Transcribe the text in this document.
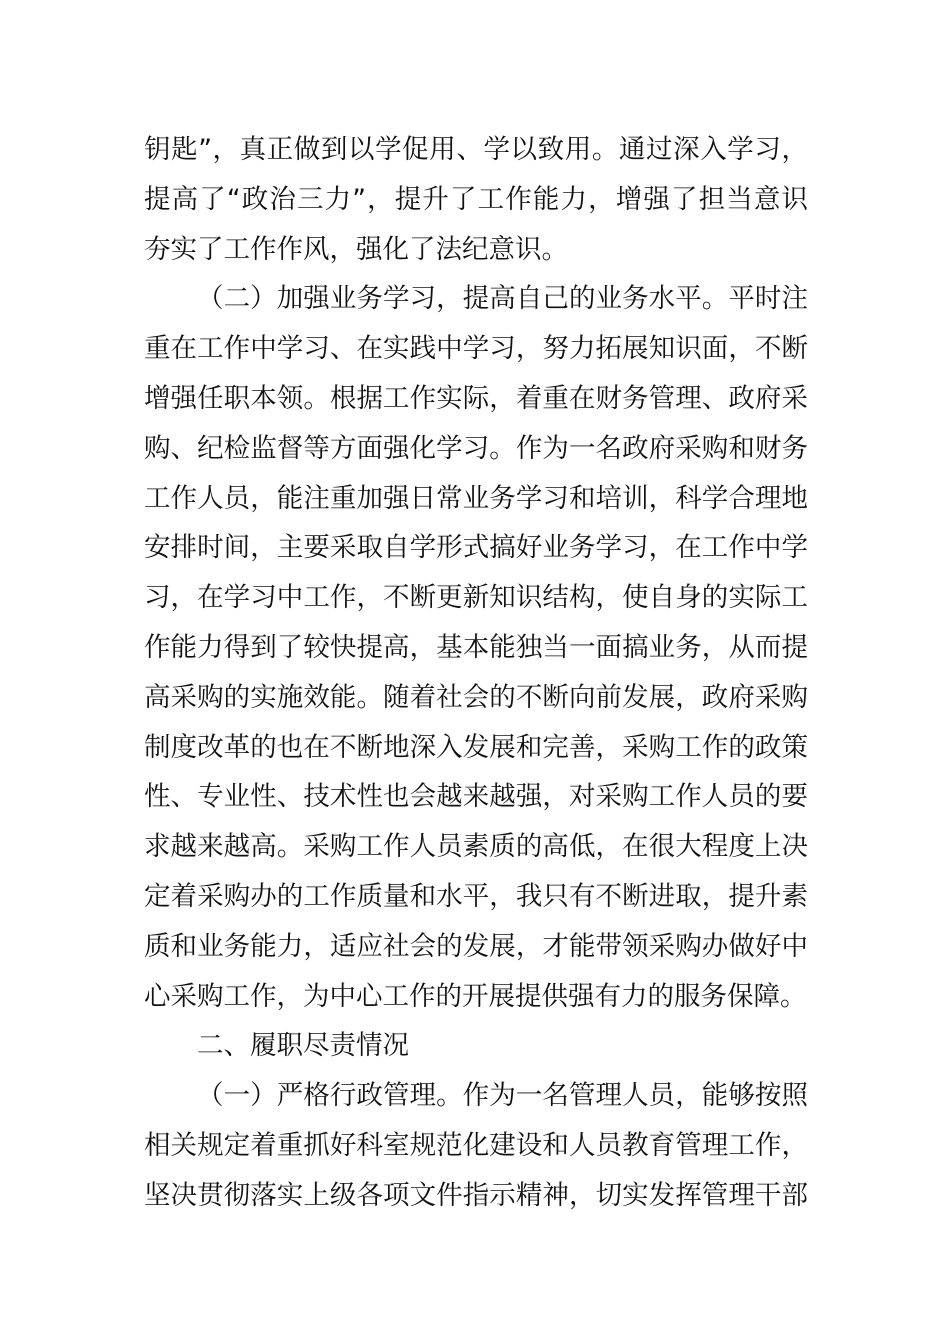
钥匙”，真正做到以学促用、学以致用。通过深入学习，
提高了“政治三力”，提升了工作能力，增强了担当意识
夯实了工作作风，强化了法纪意识。
（二）加强业务学习，提高自己的业务水平。平时注
重在工作中学习、在实践中学习，努力拓展知识面，不断
增强任职本领。根据工作实际，着重在财务管理、政府采
购、纪检监督等方面强化学习。作为一名政府采购和财务
工作人员，能注重加强日常业务学习和培训，科学合理地
安排时间，主要采取自学形式搞好业务学习，在工作中学
习，在学习中工作，不断更新知识结构，使自身的实际工
作能力得到了较快提高，基本能独当一面搞业务，从而提
高采购的实施效能。随着社会的不断向前发展，政府采购
制度改革的也在不断地深入发展和完善，采购工作的政策
性、专业性、技术性也会越来越强，对采购工作人员的要
求越来越高。采购工作人员素质的高低，在很大程度上决
定着采购办的工作质量和水平，我只有不断进取，提升素
质和业务能力，适应社会的发展，才能带领采购办做好中
心采购工作，为中心工作的开展提供强有力的服务保障。
二、履职尽责情况
（一）严格行政管理。作为一名管理人员，能够按照
相关规定着重抓好科室规范化建设和人员教育管理工作，
坚决贯彻落实上级各项文件指示精神，切实发挥管理干部
